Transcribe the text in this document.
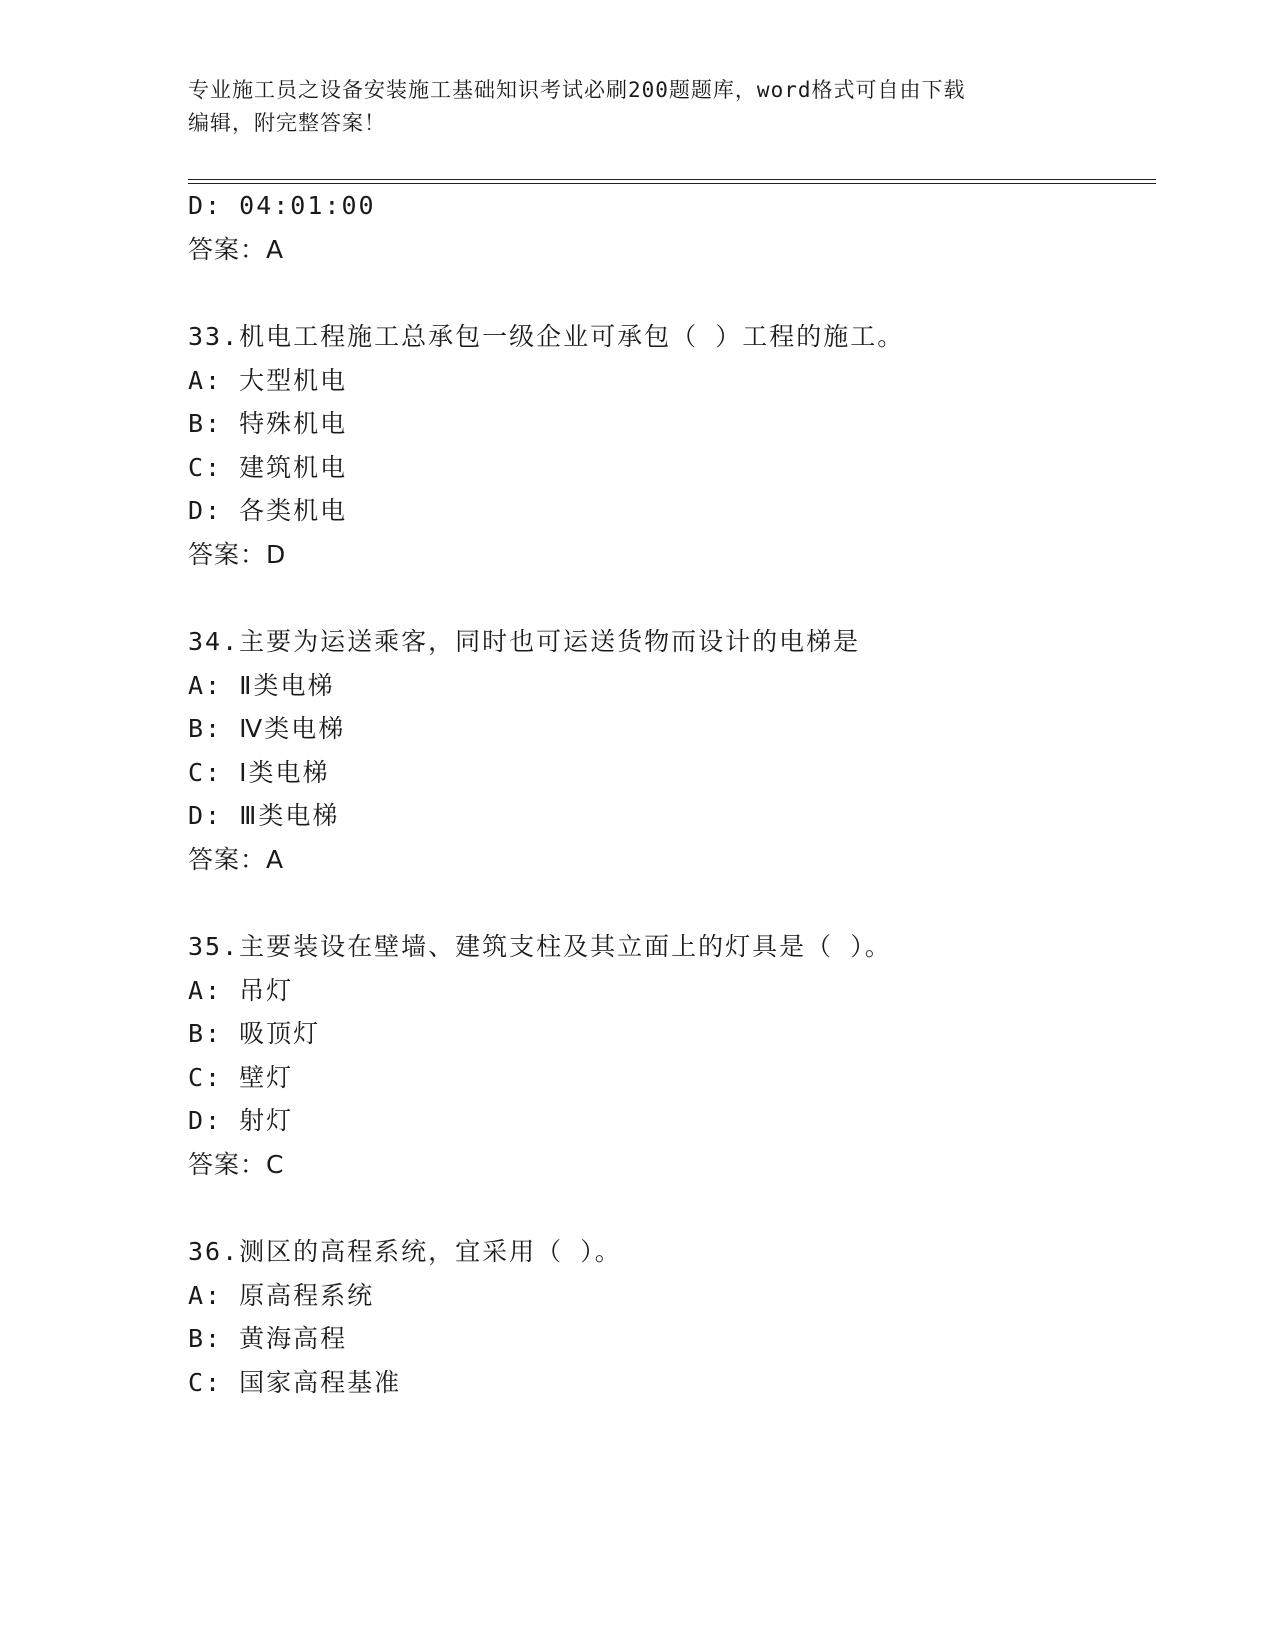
专业施工员之设备安装施工基础知识考试必刷200题题库，word格式可自由下载
编辑，附完整答案！
D: 04:01:00
答案：A
33.机电工程施工总承包一级企业可承包（ ）工程的施工。
A: 大型机电
B: 特殊机电
C: 建筑机电
D: 各类机电
答案：D
34.主要为运送乘客，同时也可运送货物而设计的电梯是
A: Ⅱ类电梯
B: Ⅳ类电梯
C: Ⅰ类电梯
D: Ⅲ类电梯
答案：A
35.主要装设在壁墙、建筑支柱及其立面上的灯具是（ ）。
A: 吊灯
B: 吸顶灯
C: 壁灯
D: 射灯
答案：C
36.测区的高程系统，宜采用（ ）。
A: 原高程系统
B: 黄海高程
C: 国家高程基准
